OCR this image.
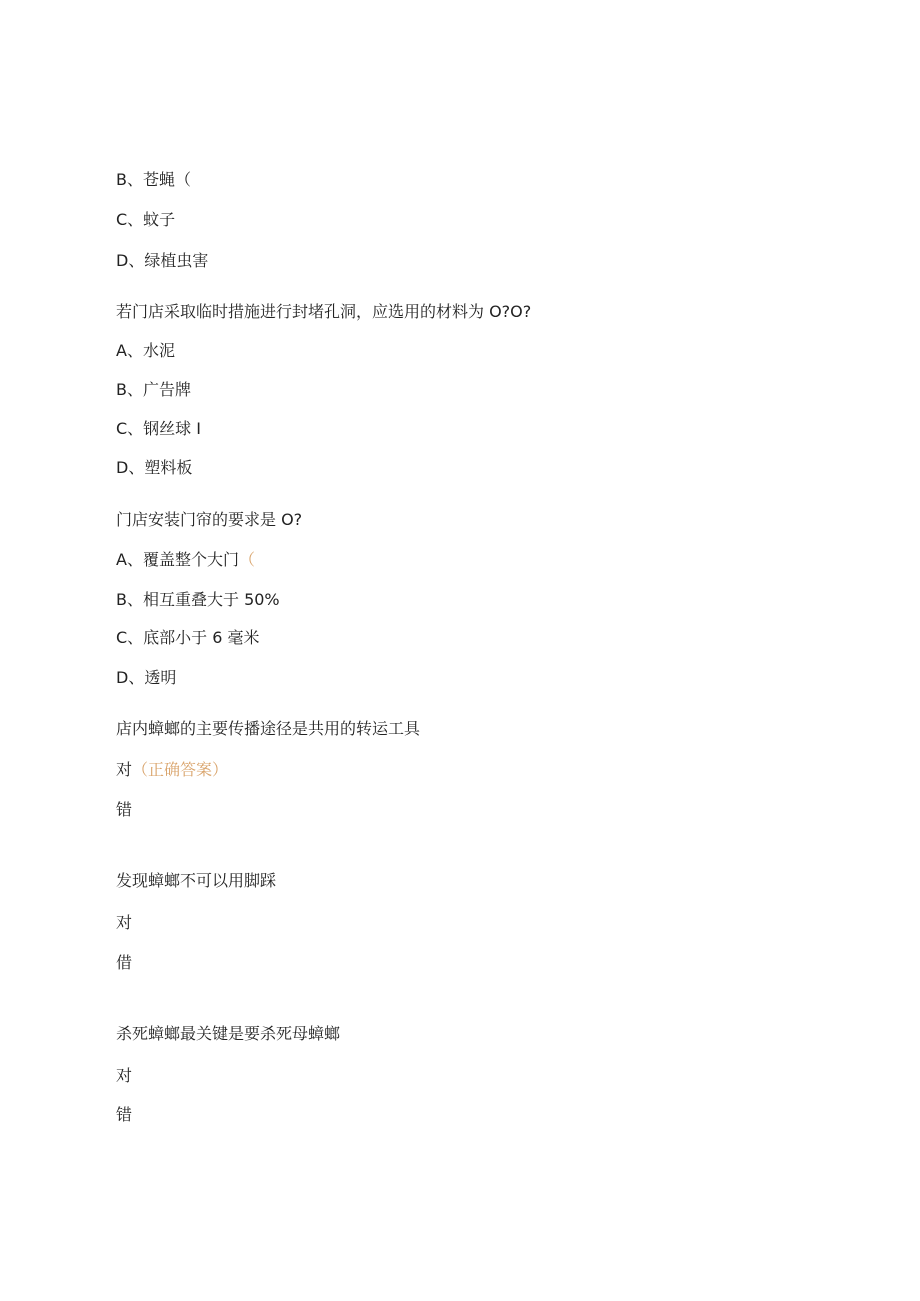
B、苍蝇（
C、蚊子
D、绿植虫害
若门店采取临时措施进行封堵孔洞，应选用的材料为 O?O?
A、水泥
B、广告牌
C、钢丝球 I
D、塑料板
门店安装门帘的要求是 O?
A、覆盖整个大门（
B、相互重叠大于 50%
C、底部小于 6 毫米
D、透明
店内蟑螂的主要传播途径是共用的转运工具
对（正确答案）
错
发现蟑螂不可以用脚踩
对
借
杀死蟑螂最关键是要杀死母蟑螂
对
错
